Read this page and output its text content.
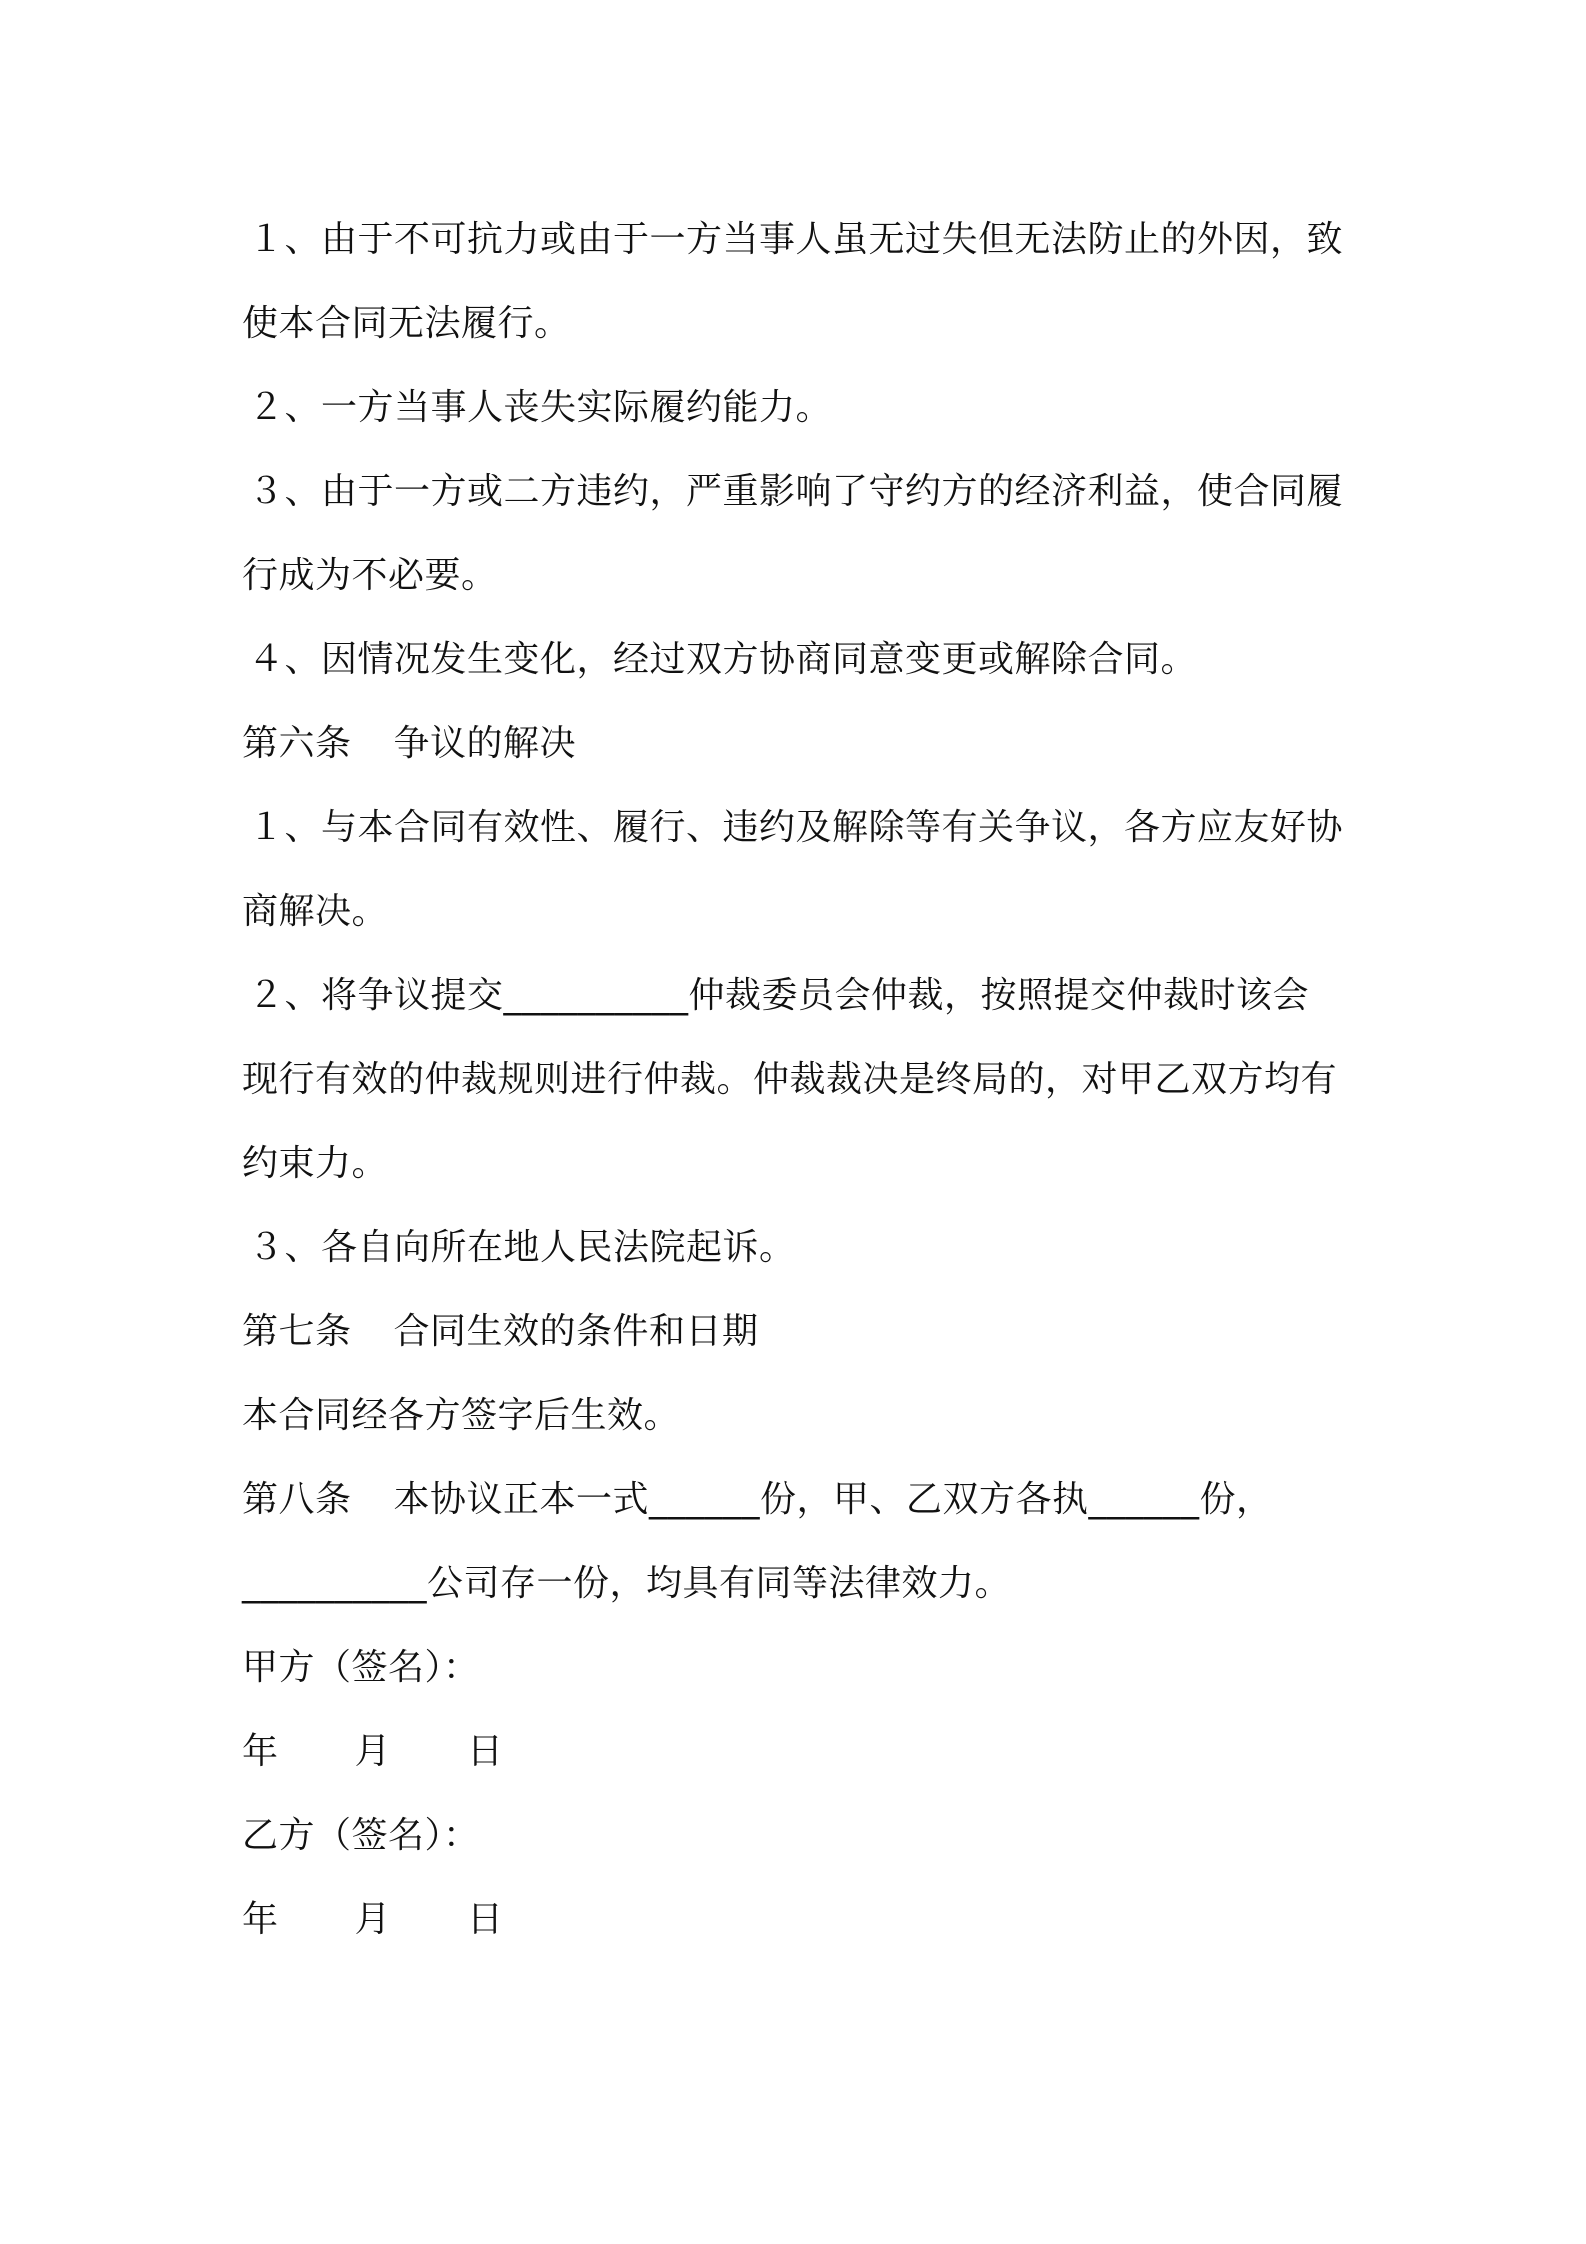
１、由于不可抗力或由于一方当事人虽无过失但无法防止的外因，致
使本合同无法履行。
２、一方当事人丧失实际履约能力。
３、由于一方或二方违约，严重影响了守约方的经济利益，使合同履
行成为不必要。
４、因情况发生变化，经过双方协商同意变更或解除合同。
第六条 争议的解决
１、与本合同有效性、履行、违约及解除等有关争议，各方应友好协
商解决。
２、将争议提交__________仲裁委员会仲裁，按照提交仲裁时该会
现行有效的仲裁规则进行仲裁。仲裁裁决是终局的，对甲乙双方均有
约束力。
３、各自向所在地人民法院起诉。
第七条 合同生效的条件和日期
本合同经各方签字后生效。
第八条 本协议正本一式______份，甲、乙双方各执______份，
__________公司存一份，均具有同等法律效力。
甲方（签名）：
年 月 日
乙方（签名）：
年 月 日
